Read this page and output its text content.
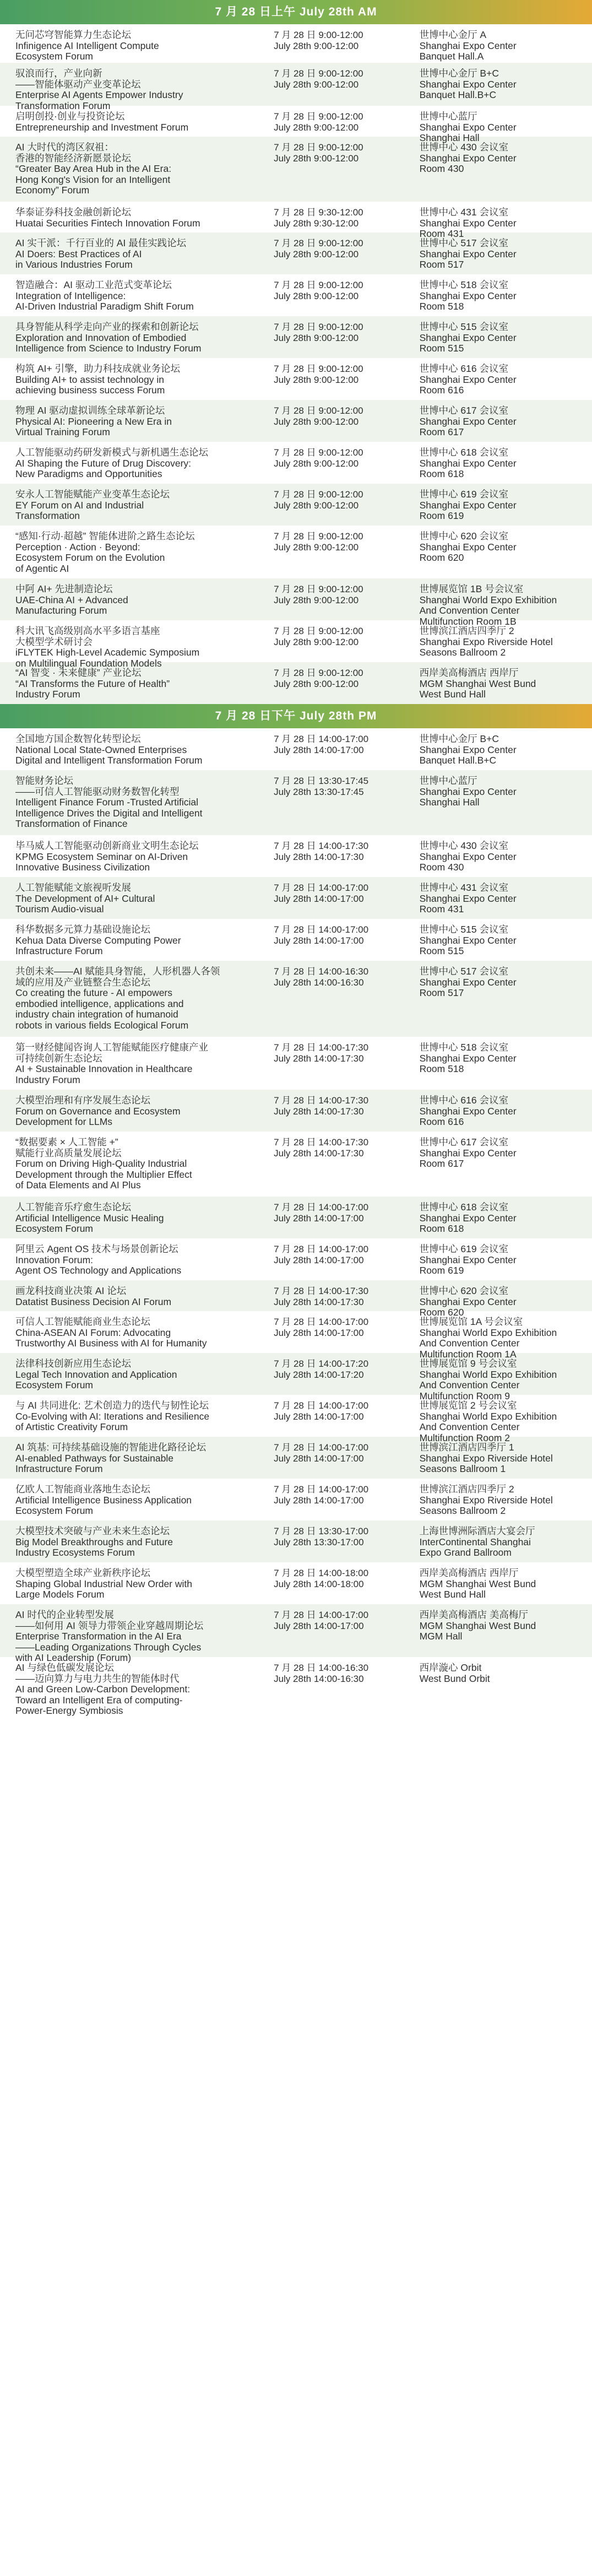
7 月 28 日上午 July 28th AM
无问芯穹智能算力生态论坛
Infinigence AI Intelligent Compute
Ecosystem Forum
7 月 28 日 9:00-12:00
July 28th 9:00-12:00
世博中心金厅 A
Shanghai Expo Center
Banquet Hall.A
驭浪而行，产业向新
——智能体驱动产业变革论坛
Enterprise AI Agents Empower Industry
Transformation Forum
7 月 28 日 9:00-12:00
July 28th 9:00-12:00
世博中心金厅 B+C
Shanghai Expo Center
Banquet Hall.B+C
启明创投·创业与投资论坛
Entrepreneurship and Investment Forum
7 月 28 日 9:00-12:00
July 28th 9:00-12:00
世博中心蓝厅
Shanghai Expo Center
Shanghai Hall
AI 大时代的湾区叙祖：
香港的智能经济新愿景论坛
“Greater Bay Area Hub in the AI Era:
Hong Kong's Vision for an Intelligent
Economy” Forum
7 月 28 日 9:00-12:00
July 28th 9:00-12:00
世博中心 430 会议室
Shanghai Expo Center
Room 430
华泰证券科技金融创新论坛
Huatai Securities Fintech Innovation Forum
7 月 28 日 9:30-12:00
July 28th 9:30-12:00
世博中心 431 会议室
Shanghai Expo Center
Room 431
AI 实干派：千行百业的 AI 最佳实践论坛
AI Doers: Best Practices of AI
in Various Industries Forum
7 月 28 日 9:00-12:00
July 28th 9:00-12:00
世博中心 517 会议室
Shanghai Expo Center
Room 517
智造融合：AI 驱动工业范式变革论坛
Integration of Intelligence:
AI-Driven Industrial Paradigm Shift Forum
7 月 28 日 9:00-12:00
July 28th 9:00-12:00
世博中心 518 会议室
Shanghai Expo Center
Room 518
具身智能从科学走向产业的探索和创新论坛
Exploration and Innovation of Embodied
Intelligence from Science to Industry Forum
7 月 28 日 9:00-12:00
July 28th 9:00-12:00
世博中心 515 会议室
Shanghai Expo Center
Room 515
构筑 AI+ 引擎，助力科技成就业务论坛
Building AI+ to assist technology in
achieving business success Forum
7 月 28 日 9:00-12:00
July 28th 9:00-12:00
世博中心 616 会议室
Shanghai Expo Center
Room 616
物理 AI 驱动虚拟训练全球革新论坛
Physical AI: Pioneering a New Era in
Virtual Training Forum
7 月 28 日 9:00-12:00
July 28th 9:00-12:00
世博中心 617 会议室
Shanghai Expo Center
Room 617
人工智能驱动药研发新模式与新机遇生态论坛
AI Shaping the Future of Drug Discovery:
New Paradigms and Opportunities
7 月 28 日 9:00-12:00
July 28th 9:00-12:00
世博中心 618 会议室
Shanghai Expo Center
Room 618
安永人工智能赋能产业变革生态论坛
EY Forum on AI and Industrial
Transformation
7 月 28 日 9:00-12:00
July 28th 9:00-12:00
世博中心 619 会议室
Shanghai Expo Center
Room 619
“感知·行动·超越” 智能体进阶之路生态论坛
Perception · Action · Beyond:
Ecosystem Forum on the Evolution
of Agentic AI
7 月 28 日 9:00-12:00
July 28th 9:00-12:00
世博中心 620 会议室
Shanghai Expo Center
Room 620
中阿 AI+ 先进制造论坛
UAE-China AI + Advanced
Manufacturing Forum
7 月 28 日 9:00-12:00
July 28th 9:00-12:00
世博展览馆 1B 号会议室
Shanghai World Expo Exhibition
And Convention Center
Multifunction Room 1B
科大讯飞高级别高水平多语言基座
大模型学术研讨会
iFLYTEK High-Level Academic Symposium
on Multilingual Foundation Models
7 月 28 日 9:00-12:00
July 28th 9:00-12:00
世博滨江酒店四季厅 2
Shanghai Expo Riverside Hotel
Seasons Ballroom 2
“AI 智变 · 未来健康” 产业论坛
“AI Transforms the Future of Health”
Industry Forum
7 月 28 日 9:00-12:00
July 28th 9:00-12:00
西岸美高梅酒店 西岸厅
MGM Shanghai West Bund
West Bund Hall
7 月 28 日下午 July 28th PM
全国地方国企数智化转型论坛
National Local State-Owned Enterprises
Digital and Intelligent Transformation Forum
7 月 28 日 14:00-17:00
July 28th 14:00-17:00
世博中心金厅 B+C
Shanghai Expo Center
Banquet Hall.B+C
智能财务论坛
——可信人工智能驱动财务数智化转型
Intelligent Finance Forum -Trusted Artificial
Intelligence Drives the Digital and Intelligent
Transformation of Finance
7 月 28 日 13:30-17:45
July 28th 13:30-17:45
世博中心蓝厅
Shanghai Expo Center
Shanghai Hall
毕马威人工智能驱动创新商业文明生态论坛
KPMG Ecosystem Seminar on AI-Driven
Innovative Business Civilization
7 月 28 日 14:00-17:30
July 28th 14:00-17:30
世博中心 430 会议室
Shanghai Expo Center
Room 430
人工智能赋能文旅视听发展
The Development of AI+ Cultural
Tourism Audio-visual
7 月 28 日 14:00-17:00
July 28th 14:00-17:00
世博中心 431 会议室
Shanghai Expo Center
Room 431
科华数据多元算力基础设施论坛
Kehua Data Diverse Computing Power
Infrastructure Forum
7 月 28 日 14:00-17:00
July 28th 14:00-17:00
世博中心 515 会议室
Shanghai Expo Center
Room 515
共创未来——AI 赋能具身智能，人形机器人各领
域的应用及产业链整合生态论坛
Co creating the future - AI empowers
embodied intelligence, applications and
industry chain integration of humanoid
robots in various fields Ecological Forum
7 月 28 日 14:00-16:30
July 28th 14:00-16:30
世博中心 517 会议室
Shanghai Expo Center
Room 517
第一财经健闻咨询人工智能赋能医疗健康产业
可持续创新生态论坛
AI + Sustainable Innovation in Healthcare
Industry Forum
7 月 28 日 14:00-17:30
July 28th 14:00-17:30
世博中心 518 会议室
Shanghai Expo Center
Room 518
大模型治理和有序发展生态论坛
Forum on Governance and Ecosystem
Development for LLMs
7 月 28 日 14:00-17:30
July 28th 14:00-17:30
世博中心 616 会议室
Shanghai Expo Center
Room 616
“数据要素 × 人工智能 +”
赋能行业高质量发展论坛
Forum on Driving High-Quality Industrial
Development through the Multiplier Effect
of Data Elements and AI Plus
7 月 28 日 14:00-17:30
July 28th 14:00-17:30
世博中心 617 会议室
Shanghai Expo Center
Room 617
人工智能音乐疗愈生态论坛
Artificial Intelligence Music Healing
Ecosystem Forum
7 月 28 日 14:00-17:00
July 28th 14:00-17:00
世博中心 618 会议室
Shanghai Expo Center
Room 618
阿里云 Agent OS 技术与场景创新论坛
Innovation Forum:
Agent OS Technology and Applications
7 月 28 日 14:00-17:00
July 28th 14:00-17:00
世博中心 619 会议室
Shanghai Expo Center
Room 619
画龙科技商业决策 AI 论坛
Datatist Business Decision AI Forum
7 月 28 日 14:00-17:30
July 28th 14:00-17:30
世博中心 620 会议室
Shanghai Expo Center
Room 620
可信人工智能赋能商业生态论坛
China-ASEAN AI Forum: Advocating
Trustworthy AI Business with AI for Humanity
7 月 28 日 14:00-17:00
July 28th 14:00-17:00
世博展览馆 1A 号会议室
Shanghai World Expo Exhibition
And Convention Center
Multifunction Room 1A
法律科技创新应用生态论坛
Legal Tech Innovation and Application
Ecosystem Forum
7 月 28 日 14:00-17:20
July 28th 14:00-17:20
世博展览馆 9 号会议室
Shanghai World Expo Exhibition
And Convention Center
Multifunction Room 9
与 AI 共同进化: 艺术创造力的迭代与韧性论坛
Co-Evolving with AI: Iterations and Resilience
of Artistic Creativity Forum
7 月 28 日 14:00-17:00
July 28th 14:00-17:00
世博展览馆 2 号会议室
Shanghai World Expo Exhibition
And Convention Center
Multifunction Room 2
AI 筑基: 可持续基础设施的智能进化路径论坛
AI-enabled Pathways for Sustainable
Infrastructure Forum
7 月 28 日 14:00-17:00
July 28th 14:00-17:00
世博滨江酒店四季厅 1
Shanghai Expo Riverside Hotel
Seasons Ballroom 1
亿欧人工智能商业落地生态论坛
Artificial Intelligence Business Application
Ecosystem Forum
7 月 28 日 14:00-17:00
July 28th 14:00-17:00
世博滨江酒店四季厅 2
Shanghai Expo Riverside Hotel
Seasons Ballroom 2
大模型技术突破与产业未来生态论坛
Big Model Breakthroughs and Future
Industry Ecosystems Forum
7 月 28 日 13:30-17:00
July 28th 13:30-17:00
上海世博洲际酒店大宴会厅
InterContinental Shanghai
Expo Grand Ballroom
大模型塑造全球产业新秩序论坛
Shaping Global Industrial New Order with
Large Models Forum
7 月 28 日 14:00-18:00
July 28th 14:00-18:00
西岸美高梅酒店 西岸厅
MGM Shanghai West Bund
West Bund Hall
AI 时代的企业转型发展
——如何用 AI 领导力带领企业穿越周期论坛
Enterprise Transformation in the AI Era
——Leading Organizations Through Cycles
with AI Leadership (Forum)
7 月 28 日 14:00-17:00
July 28th 14:00-17:00
西岸美高梅酒店 美高梅厅
MGM Shanghai West Bund
MGM Hall
AI 与绿色低碳发展论坛
——迈向算力与电力共生的智能体时代
AI and Green Low-Carbon Development:
Toward an Intelligent Era of computing-
Power-Energy Symbiosis
7 月 28 日 14:00-16:30
July 28th 14:00-16:30
西岸漩心 Orbit
West Bund Orbit
